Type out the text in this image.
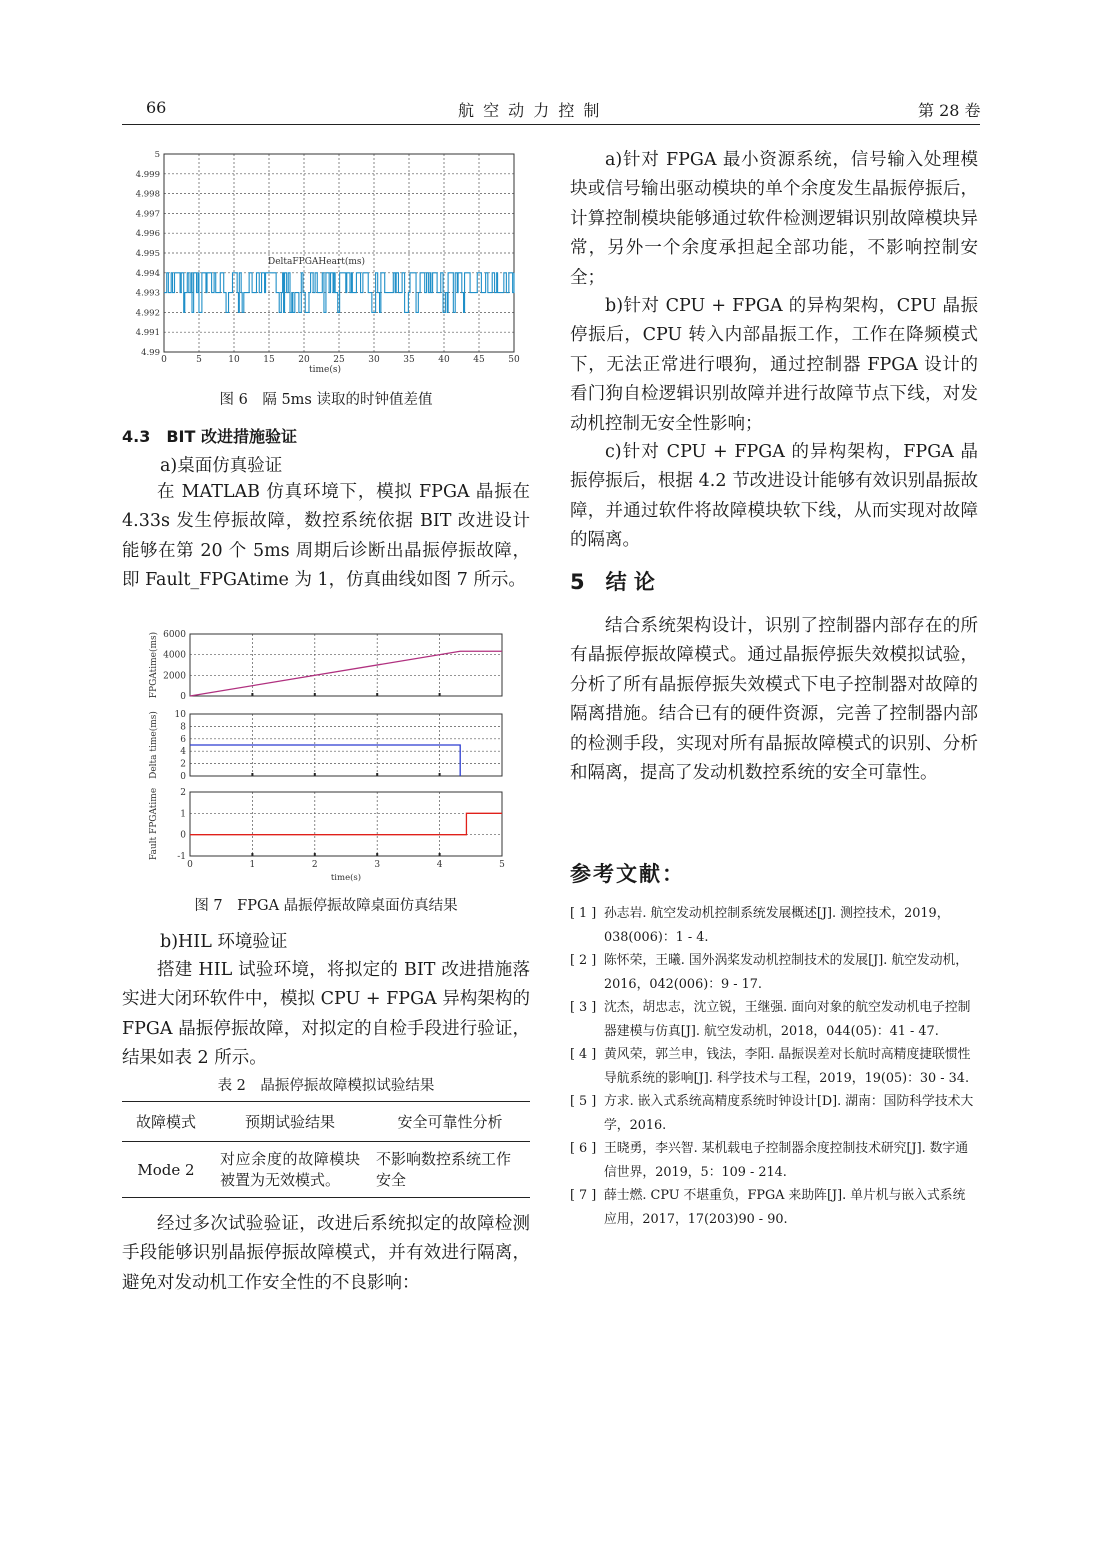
66	航 空 动 力 控 制	第 28 卷
0	5	10	15	20	25	30	35	40	45	50
4.99
4.991
4.992
4.993
4.994
4.995
4.996
4.997
4.998
4.999
5
DeltaFPGAHeart(ms)
time(s)
图 6　隔 5ms 读取的时钟值差值
4.3　BIT 改进措施验证
a)桌面仿真验证

在 MATLAB 仿真环境下，模拟 FPGA 晶振在 4.33s 发生停振故障，数控系统依据 BIT 改进设计能够在第 20 个 5ms 周期后诊断出晶振停振故障，即 Fault_FPGAtime 为 1，仿真曲线如图 7 所示。

0
2000
4000
6000
FPGAtime(ms)
0
2
4
6
8
10
Delta time(ms)
-1
0
1
2
Fault FPGAtime
0	1	2	3	4	5
time(s)
图 7　FPGA 晶振停振故障桌面仿真结果
b)HIL 环境验证

搭建 HIL 试验环境，将拟定的 BIT 改进措施落实进大闭环软件中，模拟 CPU + FPGA 异构架构的 FPGA 晶振停振故障，对拟定的自检手段进行验证，结果如表 2 所示。

表 2　晶振停振故障模拟试验结果
故障模式	预期试验结果	安全可靠性分析
Mode 2	对应余度的故障模块被置为无效模式。	不影响数控系统工作安全

经过多次试验验证，改进后系统拟定的故障检测手段能够识别晶振停振故障模式，并有效进行隔离，避免对发动机工作安全性的不良影响：

a)针对 FPGA 最小资源系统，信号输入处理模块或信号输出驱动模块的单个余度发生晶振停振后，计算控制模块能够通过软件检测逻辑识别故障模块异常，另外一个余度承担起全部功能，不影响控制安全；

b)针对 CPU + FPGA 的异构架构，CPU 晶振停振后，CPU 转入内部晶振工作，工作在降频模式下，无法正常进行喂狗，通过控制器 FPGA 设计的看门狗自检逻辑识别故障并进行故障节点下线，对发动机控制无安全性影响；

c)针对 CPU + FPGA 的异构架构，FPGA 晶振停振后，根据 4.2 节改进设计能够有效识别晶振故障，并通过软件将故障模块软下线，从而实现对故障的隔离。

5　结 论

结合系统架构设计，识别了控制器内部存在的所有晶振停振故障模式。通过晶振停振失效模拟试验，分析了所有晶振停振失效模式下电子控制器对故障的隔离措施。结合已有的硬件资源，完善了控制器内部的检测手段，实现对所有晶振故障模式的识别、分析和隔离，提高了发动机数控系统的安全可靠性。

参考文献：
[ 1 ] 孙志岩. 航空发动机控制系统发展概述[J]. 测控技术，2019，038(006)：1 - 4.
[ 2 ] 陈怀荣，王曦. 国外涡桨发动机控制技术的发展[J]. 航空发动机，2016，042(006)：9 - 17.
[ 3 ] 沈杰，胡忠志，沈立锐，王继强. 面向对象的航空发动机电子控制器建模与仿真[J]. 航空发动机，2018，044(05)：41 - 47.
[ 4 ] 黄风荣，郭兰申，钱法，李阳. 晶振误差对长航时高精度捷联惯性导航系统的影响[J]. 科学技术与工程，2019，19(05)：30 - 34.
[ 5 ] 方求. 嵌入式系统高精度系统时钟设计[D]. 湖南：国防科学技术大学，2016.
[ 6 ] 王晓勇，李兴智. 某机载电子控制器余度控制技术研究[J]. 数字通信世界，2019，5：109 - 214.
[ 7 ] 薛士燃. CPU 不堪重负，FPGA 来助阵[J]. 单片机与嵌入式系统应用，2017，17(203)90 - 90.
